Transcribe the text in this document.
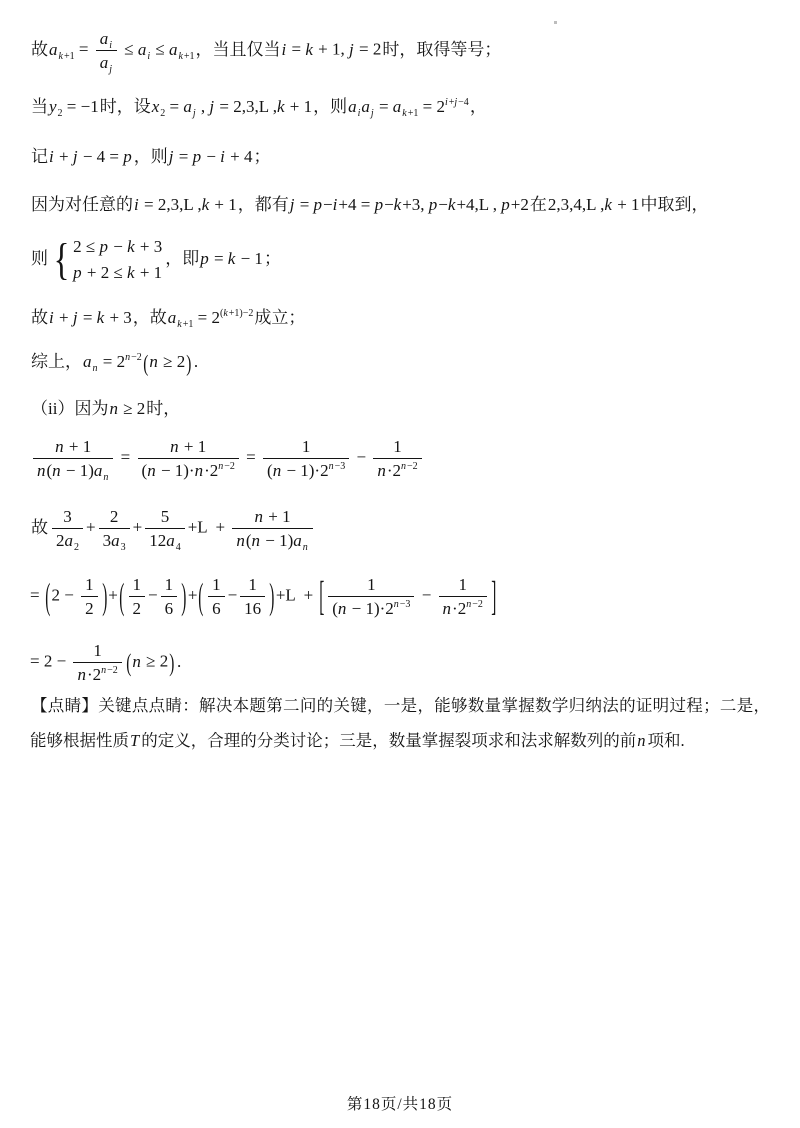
故$a_{k+1} = \frac{a_i}{a_j} \le a_i \le a_{k+1}$，当且仅当i = k + 1, j = 2时，取得等号；
当$y_2 = -1$时，设$x_2 = a_j$ , j = 2,3,L ,k + 1，则$a_ia_j = a_{k+1} = 2^{i+j-4}$，
记i + j − 4 = p ，则j = p − i + 4；
因为对任意的i = 2,3,L ,k + 1，都有j = p−i+4 = p−k+3, p−k+4,L , p+2在2,3,4,L ,k + 1中取到，
则 { 2 ≤ p − k + 3
p + 2 ≤ k + 1
，即p = k − 1；
故i + j = k + 3，故$a_{k+1} = 2^{(k+1)-2}$成立；
综上，$a_n = 2^{n-2}(n \ge 2)$ .
（ii）因为n ≥ 2时，
$\frac{n + 1}{n(n - 1)a_n} = \frac{n + 1}{(n - 1)\cdot n\cdot 2^{n-2}} = \frac{1}{(n - 1)\cdot 2^{n-3}} - \frac{1}{n\cdot 2^{n-2}}$
故 $\frac{3}{2a_2} + \frac{2}{3a_3} + \frac{5}{12a_4} +L + \frac{n + 1}{n(n - 1)a_n}$
= ($2 - \frac{1}{2}$ )+( $\frac{1}{2} - \frac{1}{6}$ )+( $\frac{1}{6} - \frac{1}{16} )+L$  + [ $\frac{1}{(n - 1)\cdot 2^{n-3}} - \frac{1}{n\cdot 2^{n-2}}$ ]
= $2 - \frac{1}{n\cdot 2^{n-2}} (n \ge 2)$ .
【点睛】关键点点睛：解决本题第二问的关键，一是，能够数量掌握数学归纳法的证明过程；二是，能够根据性质T 的定义，合理的分类讨论；三是，数量掌握裂项求和法求解数列的前n 项和.
第18页/共18页
